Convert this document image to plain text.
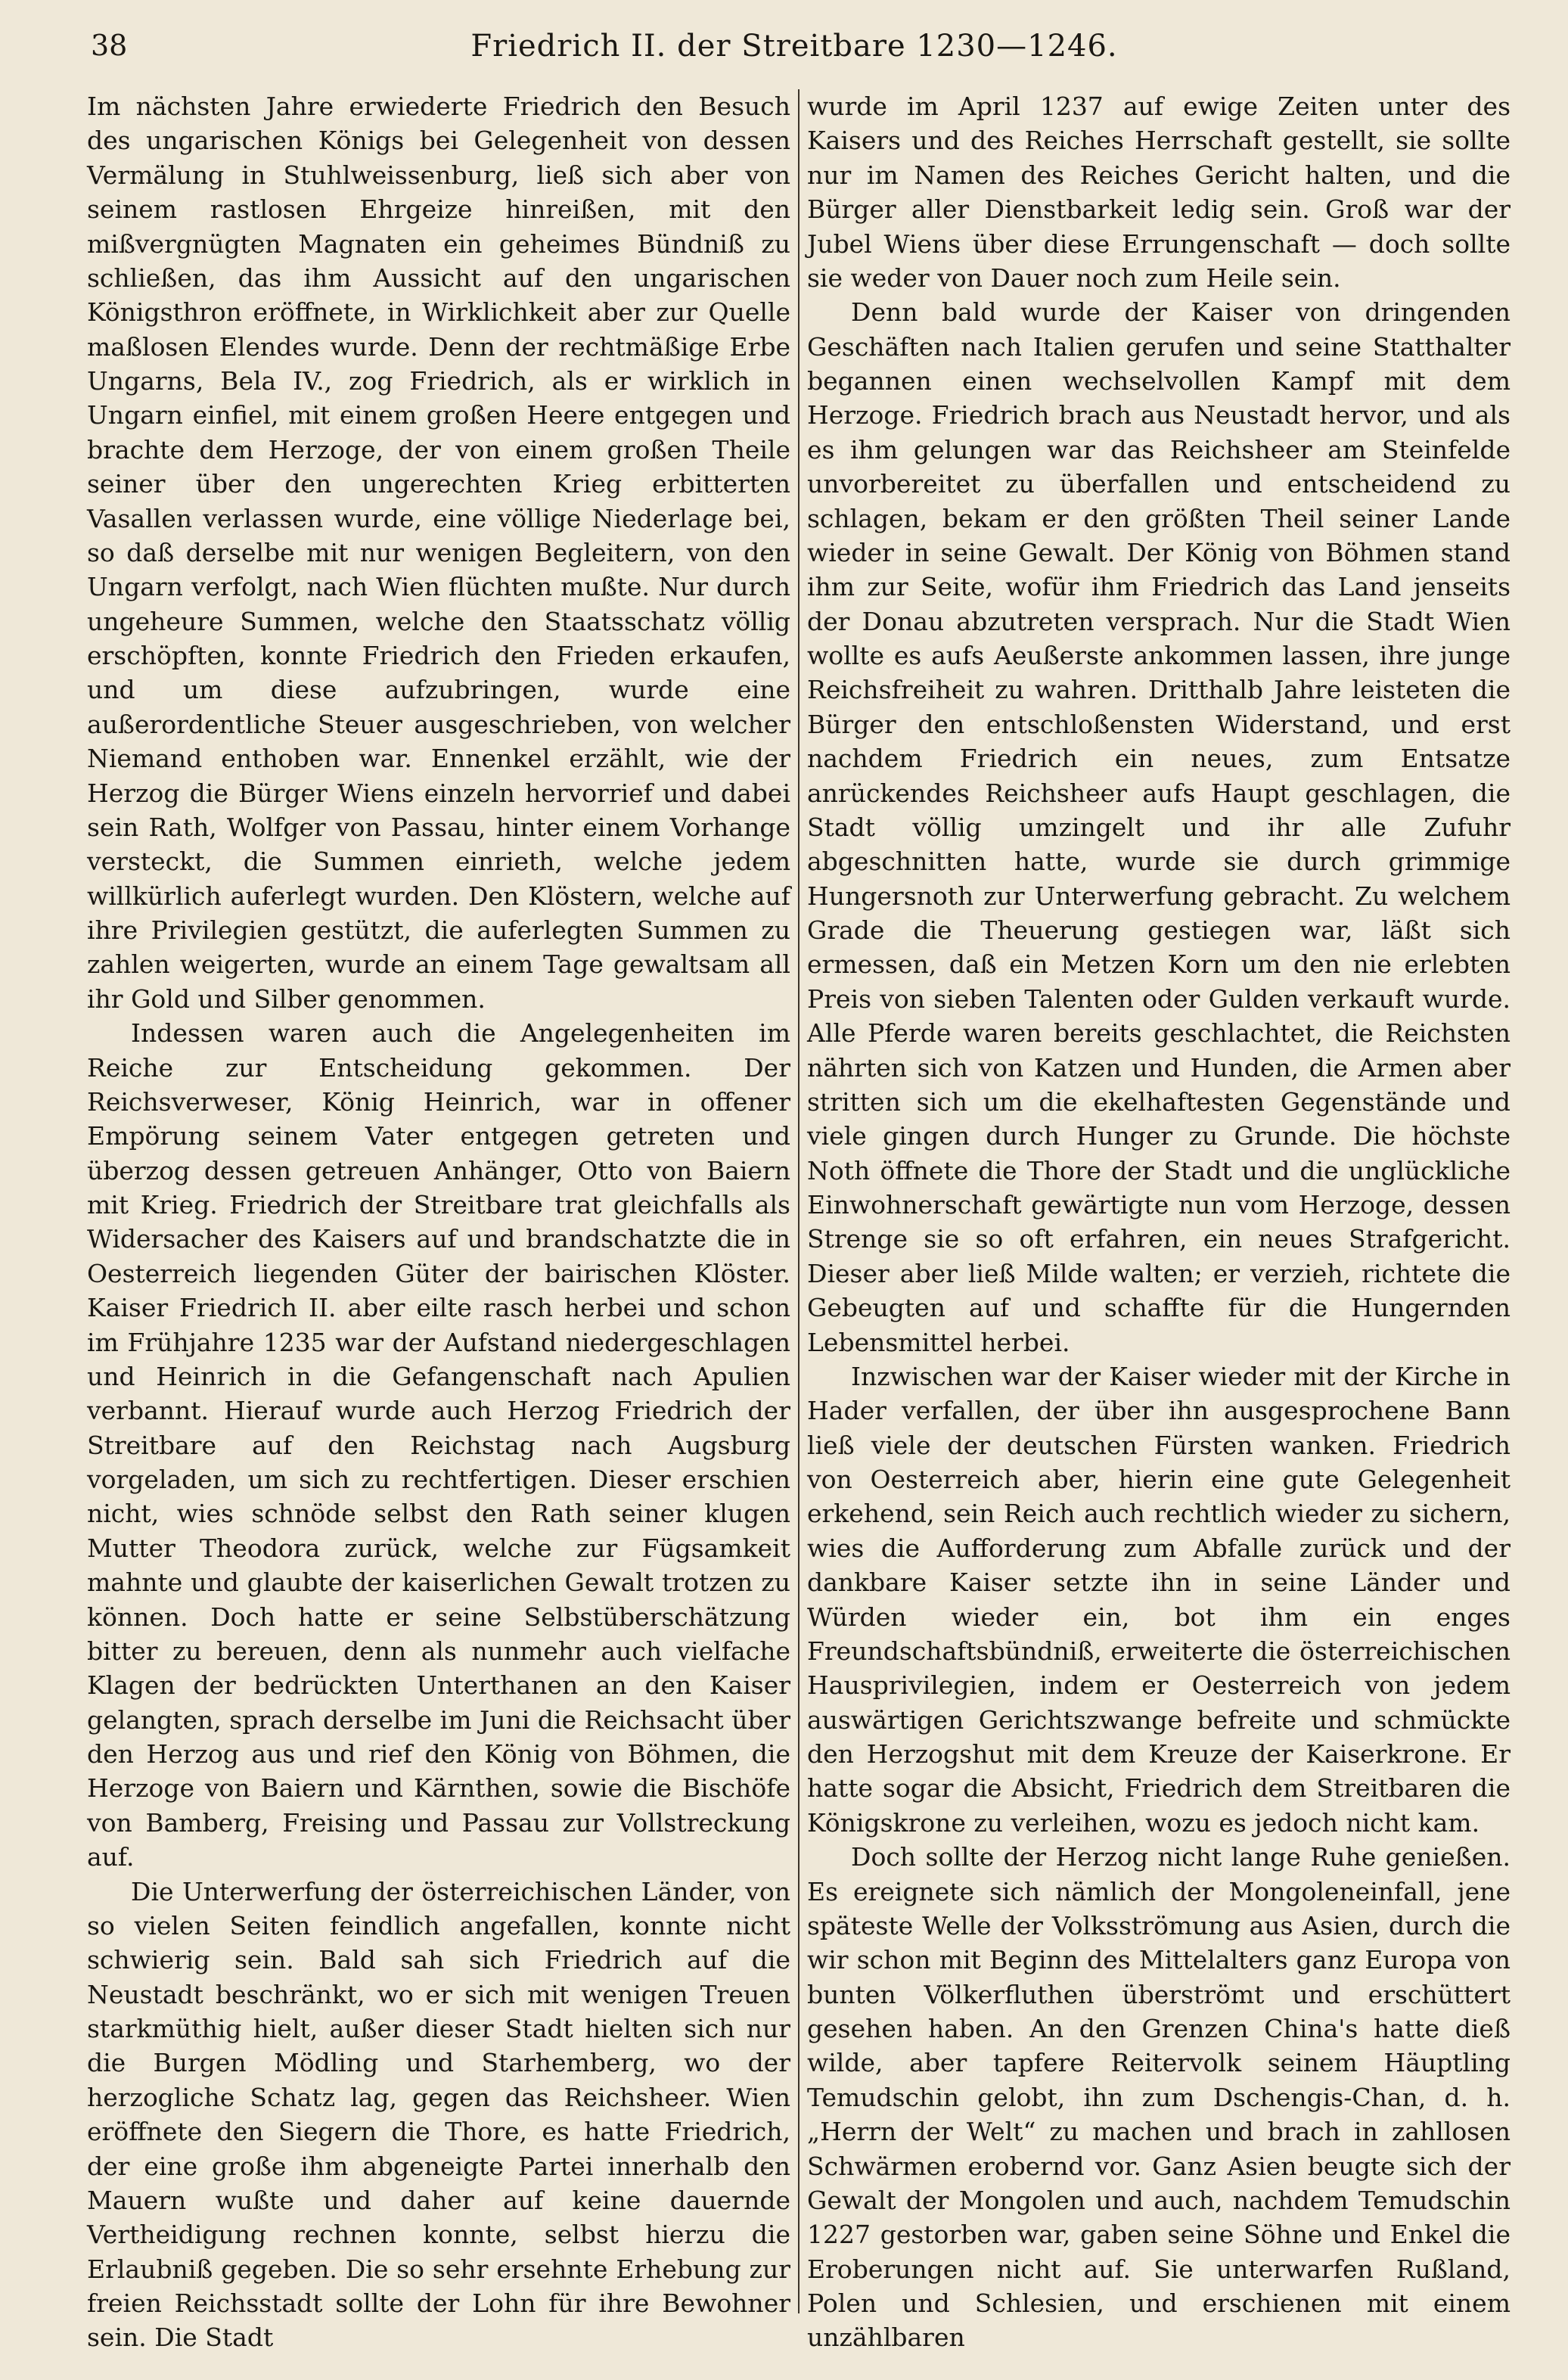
38	Friedrich II. der Streitbare 1230—1246.

Im nächsten Jahre erwiederte Friedrich den Besuch des ungarischen Königs bei Gelegenheit von dessen Vermälung in Stuhlweissenburg, ließ sich aber von seinem rastlosen Ehrgeize hinreißen, mit den mißvergnügten Magnaten ein geheimes Bündniß zu schließen, das ihm Aussicht auf den ungarischen Königsthron eröffnete, in Wirklichkeit aber zur Quelle maßlosen Elendes wurde. Denn der rechtmäßige Erbe Ungarns, Bela IV., zog Friedrich, als er wirklich in Ungarn einfiel, mit einem großen Heere entgegen und brachte dem Herzoge, der von einem großen Theile seiner über den ungerechten Krieg erbitterten Vasallen verlassen wurde, eine völlige Niederlage bei, so daß derselbe mit nur wenigen Begleitern, von den Ungarn verfolgt, nach Wien flüchten mußte. Nur durch ungeheure Summen, welche den Staatsschatz völlig erschöpften, konnte Friedrich den Frieden erkaufen, und um diese aufzubringen, wurde eine außerordentliche Steuer ausgeschrieben, von welcher Niemand enthoben war. Ennenkel erzählt, wie der Herzog die Bürger Wiens einzeln hervorrief und dabei sein Rath, Wolfger von Passau, hinter einem Vorhange versteckt, die Summen einrieth, welche jedem willkürlich auferlegt wurden. Den Klöstern, welche auf ihre Privilegien gestützt, die auferlegten Summen zu zahlen weigerten, wurde an einem Tage gewaltsam all ihr Gold und Silber genommen.

Indessen waren auch die Angelegenheiten im Reiche zur Entscheidung gekommen. Der Reichsverweser, König Heinrich, war in offener Empörung seinem Vater entgegen getreten und überzog dessen getreuen Anhänger, Otto von Baiern mit Krieg. Friedrich der Streitbare trat gleichfalls als Widersacher des Kaisers auf und brandschatzte die in Oesterreich liegenden Güter der bairischen Klöster. Kaiser Friedrich II. aber eilte rasch herbei und schon im Frühjahre 1235 war der Aufstand niedergeschlagen und Heinrich in die Gefangenschaft nach Apulien verbannt. Hierauf wurde auch Herzog Friedrich der Streitbare auf den Reichstag nach Augsburg vorgeladen, um sich zu rechtfertigen. Dieser erschien nicht, wies schnöde selbst den Rath seiner klugen Mutter Theodora zurück, welche zur Fügsamkeit mahnte und glaubte der kaiserlichen Gewalt trotzen zu können. Doch hatte er seine Selbstüberschätzung bitter zu bereuen, denn als nunmehr auch vielfache Klagen der bedrückten Unterthanen an den Kaiser gelangten, sprach derselbe im Juni die Reichsacht über den Herzog aus und rief den König von Böhmen, die Herzoge von Baiern und Kärnthen, sowie die Bischöfe von Bamberg, Freising und Passau zur Vollstreckung auf.

Die Unterwerfung der österreichischen Länder, von so vielen Seiten feindlich angefallen, konnte nicht schwierig sein. Bald sah sich Friedrich auf die Neustadt beschränkt, wo er sich mit wenigen Treuen starkmüthig hielt, außer dieser Stadt hielten sich nur die Burgen Mödling und Starhemberg, wo der herzogliche Schatz lag, gegen das Reichsheer. Wien eröffnete den Siegern die Thore, es hatte Friedrich, der eine große ihm abgeneigte Partei innerhalb den Mauern wußte und daher auf keine dauernde Vertheidigung rechnen konnte, selbst hierzu die Erlaubniß gegeben. Die so sehr ersehnte Erhebung zur freien Reichsstadt sollte der Lohn für ihre Bewohner sein. Die Stadt

wurde im April 1237 auf ewige Zeiten unter des Kaisers und des Reiches Herrschaft gestellt, sie sollte nur im Namen des Reiches Gericht halten, und die Bürger aller Dienstbarkeit ledig sein. Groß war der Jubel Wiens über diese Errungenschaft — doch sollte sie weder von Dauer noch zum Heile sein.

Denn bald wurde der Kaiser von dringenden Geschäften nach Italien gerufen und seine Statthalter begannen einen wechselvollen Kampf mit dem Herzoge. Friedrich brach aus Neustadt hervor, und als es ihm gelungen war das Reichsheer am Steinfelde unvorbereitet zu überfallen und entscheidend zu schlagen, bekam er den größten Theil seiner Lande wieder in seine Gewalt. Der König von Böhmen stand ihm zur Seite, wofür ihm Friedrich das Land jenseits der Donau abzutreten versprach. Nur die Stadt Wien wollte es aufs Aeußerste ankommen lassen, ihre junge Reichsfreiheit zu wahren. Dritthalb Jahre leisteten die Bürger den entschloßensten Widerstand, und erst nachdem Friedrich ein neues, zum Entsatze anrückendes Reichsheer aufs Haupt geschlagen, die Stadt völlig umzingelt und ihr alle Zufuhr abgeschnitten hatte, wurde sie durch grimmige Hungersnoth zur Unterwerfung gebracht. Zu welchem Grade die Theuerung gestiegen war, läßt sich ermessen, daß ein Metzen Korn um den nie erlebten Preis von sieben Talenten oder Gulden verkauft wurde. Alle Pferde waren bereits geschlachtet, die Reichsten nährten sich von Katzen und Hunden, die Armen aber stritten sich um die ekelhaftesten Gegenstände und viele gingen durch Hunger zu Grunde. Die höchste Noth öffnete die Thore der Stadt und die unglückliche Einwohnerschaft gewärtigte nun vom Herzoge, dessen Strenge sie so oft erfahren, ein neues Strafgericht. Dieser aber ließ Milde walten; er verzieh, richtete die Gebeugten auf und schaffte für die Hungernden Lebensmittel herbei.

Inzwischen war der Kaiser wieder mit der Kirche in Hader verfallen, der über ihn ausgesprochene Bann ließ viele der deutschen Fürsten wanken. Friedrich von Oesterreich aber, hierin eine gute Gelegenheit erkehend, sein Reich auch rechtlich wieder zu sichern, wies die Aufforderung zum Abfalle zurück und der dankbare Kaiser setzte ihn in seine Länder und Würden wieder ein, bot ihm ein enges Freundschaftsbündniß, erweiterte die österreichischen Hausprivilegien, indem er Oesterreich von jedem auswärtigen Gerichtszwange befreite und schmückte den Herzogshut mit dem Kreuze der Kaiserkrone. Er hatte sogar die Absicht, Friedrich dem Streitbaren die Königskrone zu verleihen, wozu es jedoch nicht kam.

Doch sollte der Herzog nicht lange Ruhe genießen. Es ereignete sich nämlich der Mongoleneinfall, jene späteste Welle der Volksströmung aus Asien, durch die wir schon mit Beginn des Mittelalters ganz Europa von bunten Völkerfluthen überströmt und erschüttert gesehen haben. An den Grenzen China's hatte dieß wilde, aber tapfere Reitervolk seinem Häuptling Temudschin gelobt, ihn zum Dschengis-Chan, d. h. „Herrn der Welt“ zu machen und brach in zahllosen Schwärmen erobernd vor. Ganz Asien beugte sich der Gewalt der Mongolen und auch, nachdem Temudschin 1227 gestorben war, gaben seine Söhne und Enkel die Eroberungen nicht auf. Sie unterwarfen Rußland, Polen und Schlesien, und erschienen mit einem unzählbaren
